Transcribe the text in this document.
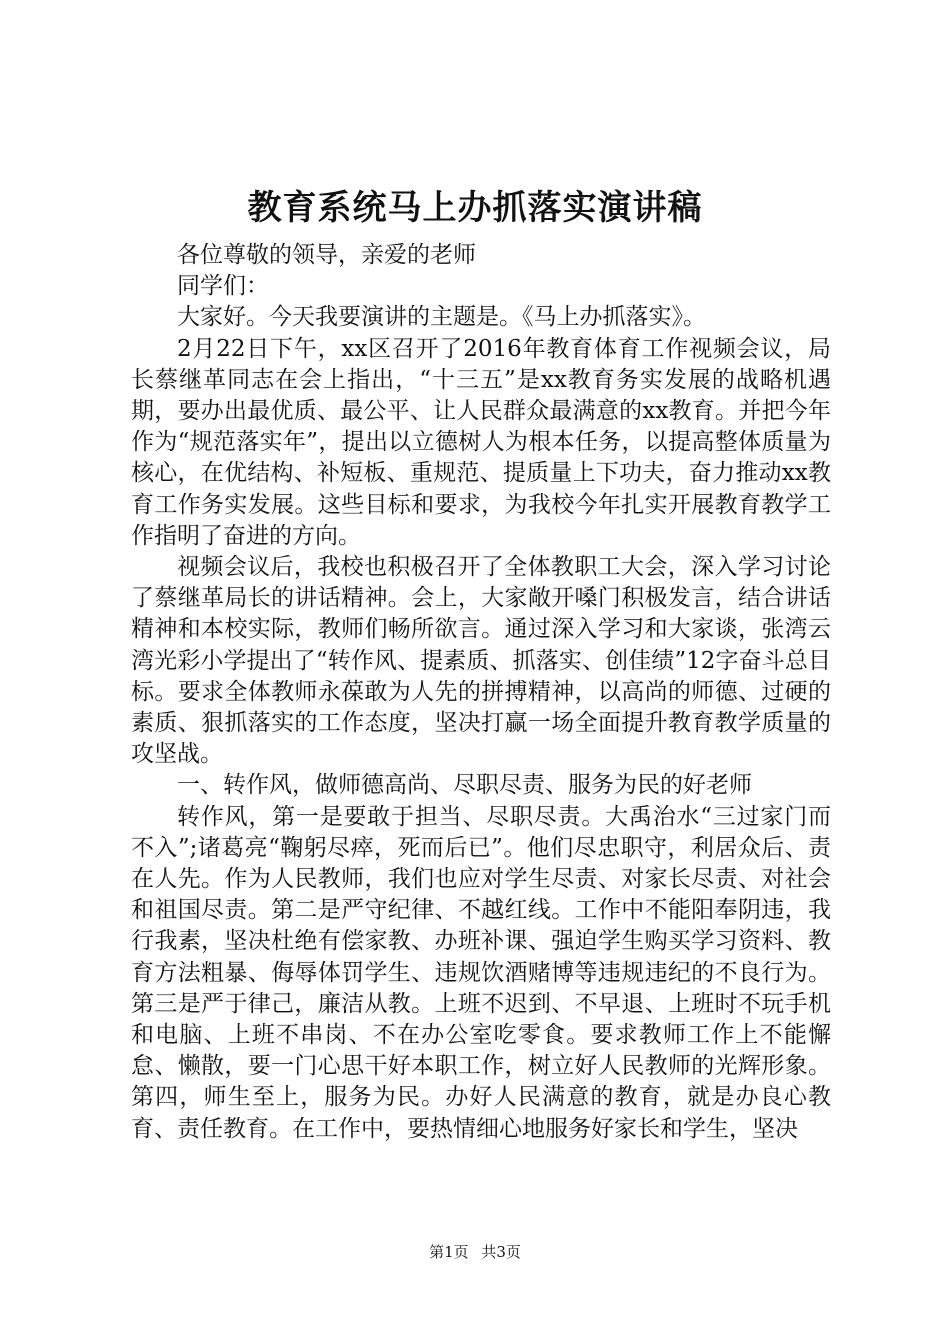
教育系统马上办抓落实演讲稿

各位尊敬的领导，亲爱的老师

同学们：

大家好。今天我要演讲的主题是。《马上办抓落实》。

2月22日下午，xx区召开了2016年教育体育工作视频会议，局长蔡继革同志在会上指出，“十三五”是xx教育务实发展的战略机遇期，要办出最优质、最公平、让人民群众最满意的xx教育。并把今年作为“规范落实年”，提出以立德树人为根本任务，以提高整体质量为核心，在优结构、补短板、重规范、提质量上下功夫，奋力推动xx教育工作务实发展。这些目标和要求，为我校今年扎实开展教育教学工作指明了奋进的方向。

视频会议后，我校也积极召开了全体教职工大会，深入学习讨论了蔡继革局长的讲话精神。会上，大家敞开嗓门积极发言，结合讲话精神和本校实际，教师们畅所欲言。通过深入学习和大家谈，张湾云湾光彩小学提出了“转作风、提素质、抓落实、创佳绩”12字奋斗总目标。要求全体教师永葆敢为人先的拼搏精神，以高尚的师德、过硬的素质、狠抓落实的工作态度，坚决打赢一场全面提升教育教学质量的攻坚战。

一、转作风，做师德高尚、尽职尽责、服务为民的好老师

转作风，第一是要敢于担当、尽职尽责。大禹治水“三过家门而不入”;诸葛亮“鞠躬尽瘁，死而后已”。他们尽忠职守，利居众后、责在人先。作为人民教师，我们也应对学生尽责、对家长尽责、对社会和祖国尽责。第二是严守纪律、不越红线。工作中不能阳奉阴违，我行我素，坚决杜绝有偿家教、办班补课、强迫学生购买学习资料、教育方法粗暴、侮辱体罚学生、违规饮酒赌博等违规违纪的不良行为。第三是严于律己，廉洁从教。上班不迟到、不早退、上班时不玩手机和电脑、上班不串岗、不在办公室吃零食。要求教师工作上不能懈怠、懒散，要一门心思干好本职工作，树立好人民教师的光辉形象。第四，师生至上，服务为民。办好人民满意的教育，就是办良心教育、责任教育。在工作中，要热情细心地服务好家长和学生，坚决

第1页 共3页
